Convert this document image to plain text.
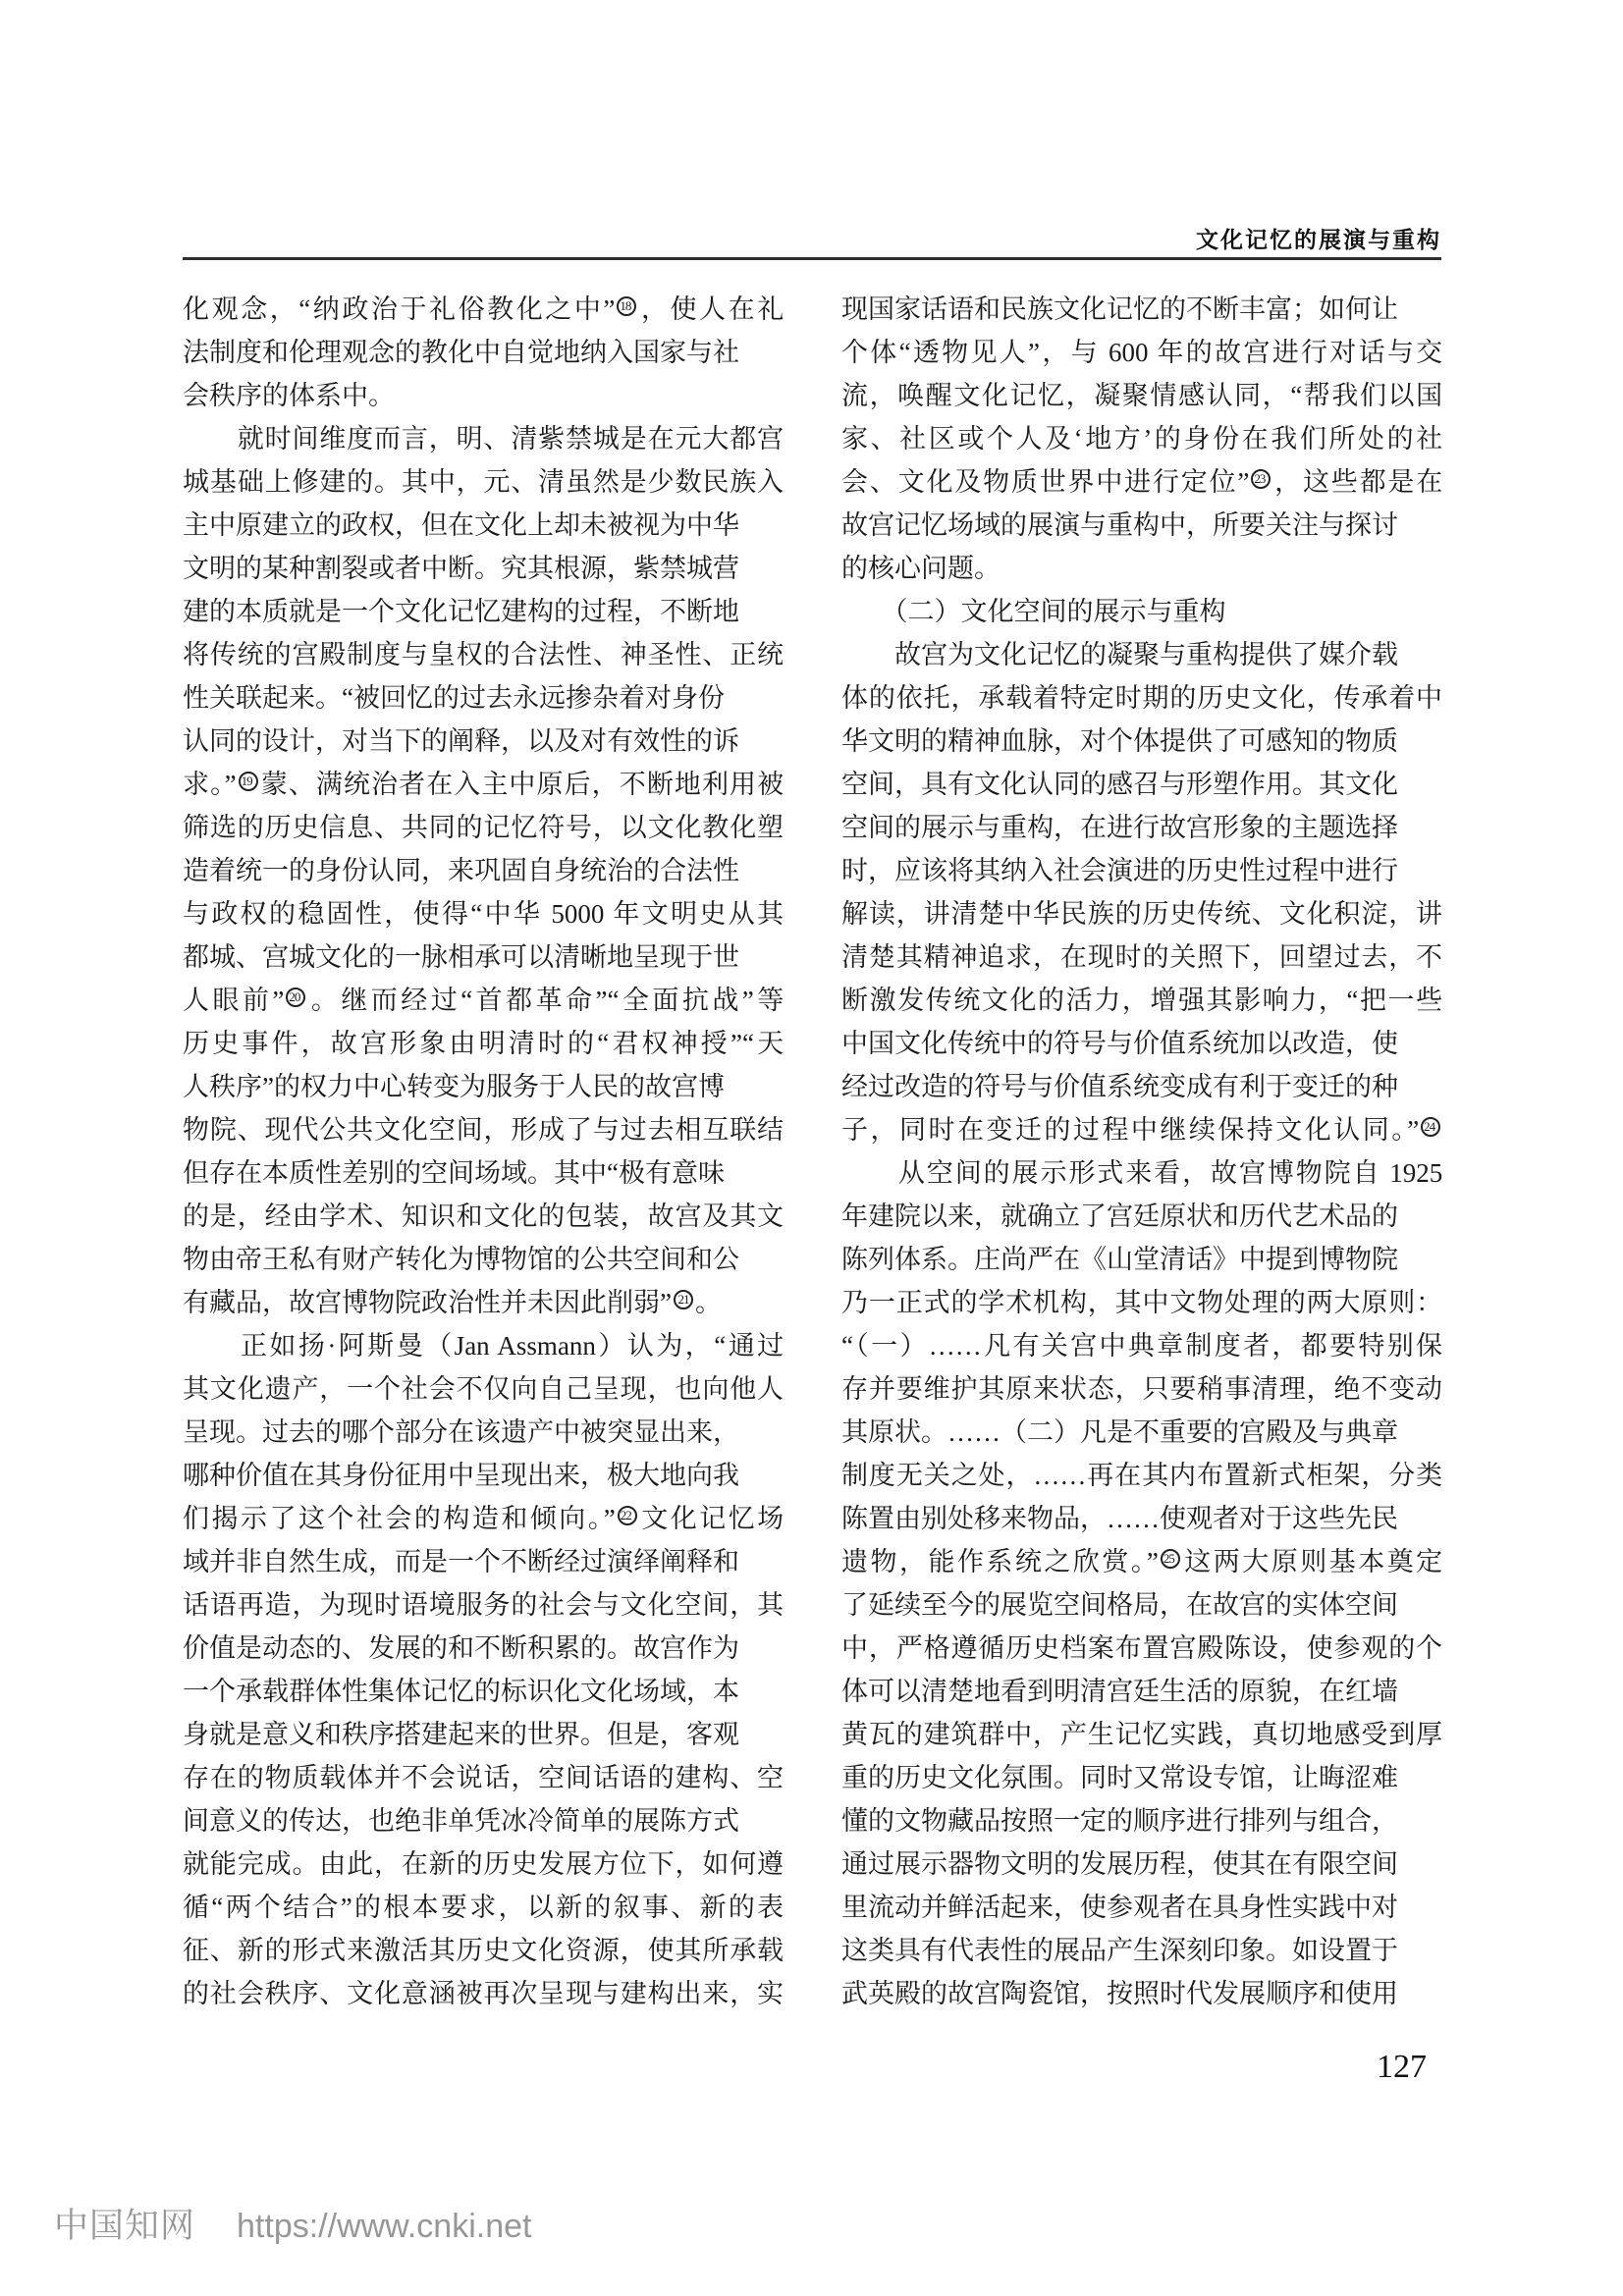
文化记忆的展演与重构
化观念，“纳政治于礼俗教化之中” $^{18}$ ，使人在礼
法制度和伦理观念的教化中自觉地纳入国家与社
会秩序的体系中。
　　就时间维度而言，明、清紫禁城是在元大都宫
城基础上修建的。其中，元、清虽然是少数民族入
主中原建立的政权，但在文化上却未被视为中华
文明的某种割裂或者中断。究其根源，紫禁城营
建的本质就是一个文化记忆建构的过程，不断地
将传统的宫殿制度与皇权的合法性、神圣性、正统
性关联起来。“被回忆的过去永远掺杂着对身份
认同的设计，对当下的阐释，以及对有效性的诉
求。” $^{19}$ 蒙、满统治者在入主中原后，不断地利用被
筛选的历史信息、共同的记忆符号，以文化教化塑
造着统一的身份认同，来巩固自身统治的合法性
与政权的稳固性，使得“中华 5000 年文明史从其
都城、宫城文化的一脉相承可以清晰地呈现于世
人眼前” $^{20}$ 。继而经过“首都革命”“全面抗战”等
历史事件，故宫形象由明清时的“君权神授”“天
人秩序”的权力中心转变为服务于人民的故宫博
物院、现代公共文化空间，形成了与过去相互联结
但存在本质性差别的空间场域。其中“极有意味
的是，经由学术、知识和文化的包装，故宫及其文
物由帝王私有财产转化为博物馆的公共空间和公
有藏品，故宫博物院政治性并未因此削弱” $^{21}$ 。
　　正如扬·阿斯曼（Jan Assmann）认为，“通过
其文化遗产，一个社会不仅向自己呈现，也向他人
呈现。过去的哪个部分在该遗产中被突显出来，
哪种价值在其身份征用中呈现出来，极大地向我
们揭示了这个社会的构造和倾向。” $^{22}$ 文化记忆场
域并非自然生成，而是一个不断经过演绎阐释和
话语再造，为现时语境服务的社会与文化空间，其
价值是动态的、发展的和不断积累的。故宫作为
一个承载群体性集体记忆的标识化文化场域，本
身就是意义和秩序搭建起来的世界。但是，客观
存在的物质载体并不会说话，空间话语的建构、空
间意义的传达，也绝非单凭冰冷简单的展陈方式
就能完成。由此，在新的历史发展方位下，如何遵
循“两个结合”的根本要求，以新的叙事、新的表
征、新的形式来激活其历史文化资源，使其所承载
的社会秩序、文化意涵被再次呈现与建构出来，实
现国家话语和民族文化记忆的不断丰富；如何让
个体“透物见人”，与 600 年的故宫进行对话与交
流，唤醒文化记忆，凝聚情感认同，“帮我们以国
家、社区或个人及‘地方’的身份在我们所处的社
会、文化及物质世界中进行定位” $^{23}$ ，这些都是在
故宫记忆场域的展演与重构中，所要关注与探讨
的核心问题。
　　（二）文化空间的展示与重构
　　故宫为文化记忆的凝聚与重构提供了媒介载
体的依托，承载着特定时期的历史文化，传承着中
华文明的精神血脉，对个体提供了可感知的物质
空间，具有文化认同的感召与形塑作用。其文化
空间的展示与重构，在进行故宫形象的主题选择
时，应该将其纳入社会演进的历史性过程中进行
解读，讲清楚中华民族的历史传统、文化积淀，讲
清楚其精神追求，在现时的关照下，回望过去，不
断激发传统文化的活力，增强其影响力，“把一些
中国文化传统中的符号与价值系统加以改造，使
经过改造的符号与价值系统变成有利于变迁的种
子，同时在变迁的过程中继续保持文化认同。” $^{24}$
　　从空间的展示形式来看，故宫博物院自 1925
年建院以来，就确立了宫廷原状和历代艺术品的
陈列体系。庄尚严在《山堂清话》中提到博物院
乃一正式的学术机构，其中文物处理的两大原则：
“（一）……凡有关宫中典章制度者，都要特别保
存并要维护其原来状态，只要稍事清理，绝不变动
其原状。……（二）凡是不重要的宫殿及与典章
制度无关之处，……再在其内布置新式柜架，分类
陈置由别处移来物品，……使观者对于这些先民
遗物，能作系统之欣赏。” $^{25}$ 这两大原则基本奠定
了延续至今的展览空间格局，在故宫的实体空间
中，严格遵循历史档案布置宫殿陈设，使参观的个
体可以清楚地看到明清宫廷生活的原貌，在红墙
黄瓦的建筑群中，产生记忆实践，真切地感受到厚
重的历史文化氛围。同时又常设专馆，让晦涩难
懂的文物藏品按照一定的顺序进行排列与组合，
通过展示器物文明的发展历程，使其在有限空间
里流动并鲜活起来，使参观者在具身性实践中对
这类具有代表性的展品产生深刻印象。如设置于
武英殿的故宫陶瓷馆，按照时代发展顺序和使用
127
中国知网 https://www.cnki.net
